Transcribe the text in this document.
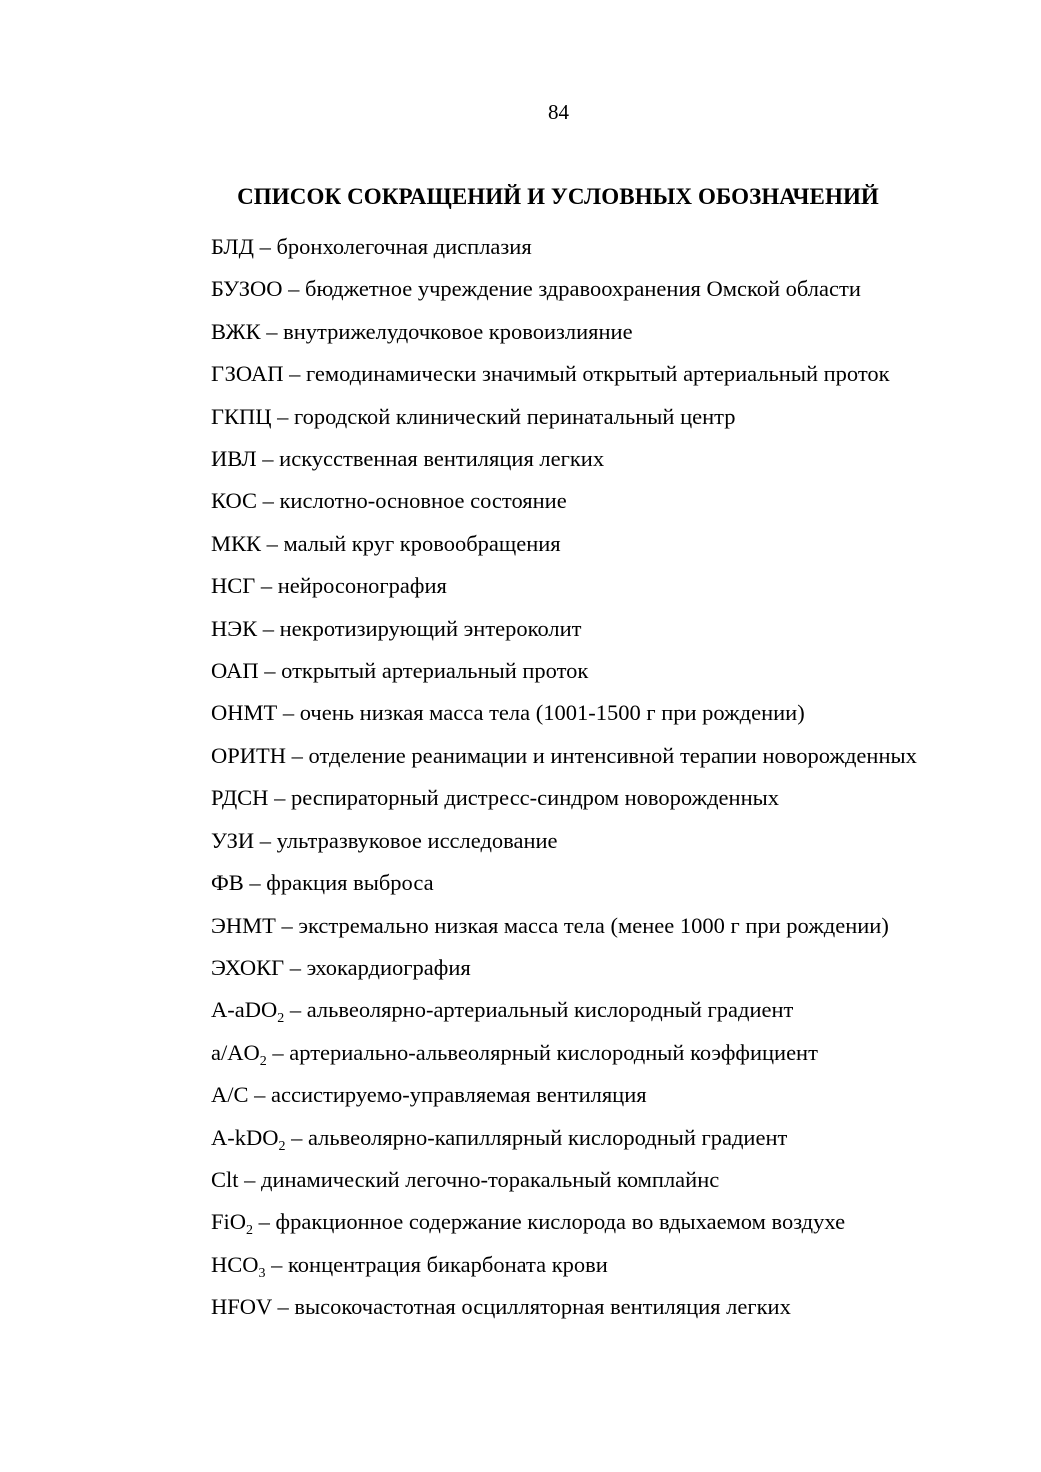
84
СПИСОК СОКРАЩЕНИЙ И УСЛОВНЫХ ОБОЗНАЧЕНИЙ
БЛД – бронхолегочная дисплазия
БУЗОО – бюджетное учреждение здравоохранения Омской области
ВЖК – внутрижелудочковое кровоизлияние
ГЗОАП – гемодинамически значимый открытый артериальный проток
ГКПЦ – городской клинический перинатальный центр
ИВЛ – искусственная вентиляция легких
КОС – кислотно-основное состояние
МКК – малый круг кровообращения
НСГ – нейросонография
НЭК – некротизирующий энтероколит
ОАП – открытый артериальный проток
ОНМТ – очень низкая масса тела (1001-1500 г при рождении)
ОРИТН – отделение реанимации и интенсивной терапии новорожденных
РДСН – респираторный дистресс-синдром новорожденных
УЗИ – ультразвуковое исследование
ФВ – фракция выброса
ЭНМТ – экстремально низкая масса тела (менее 1000 г при рождении)
ЭХОКГ – эхокардиография
A-aDO$_2$ – альвеолярно-артериальный кислородный градиент
$a/AO_2$ – артериально-альвеолярный кислородный коэффициент
A/C – ассистируемо-управляемая вентиляция
A-kDO$_2$ – альвеолярно-капиллярный кислородный градиент
Clt – динамический легочно-торакальный комплайнс
FiO$_2$ – фракционное содержание кислорода во вдыхаемом воздухе
$HCO_3$ – концентрация бикарбоната крови
HFOV – высокочастотная осцилляторная вентиляция легких
